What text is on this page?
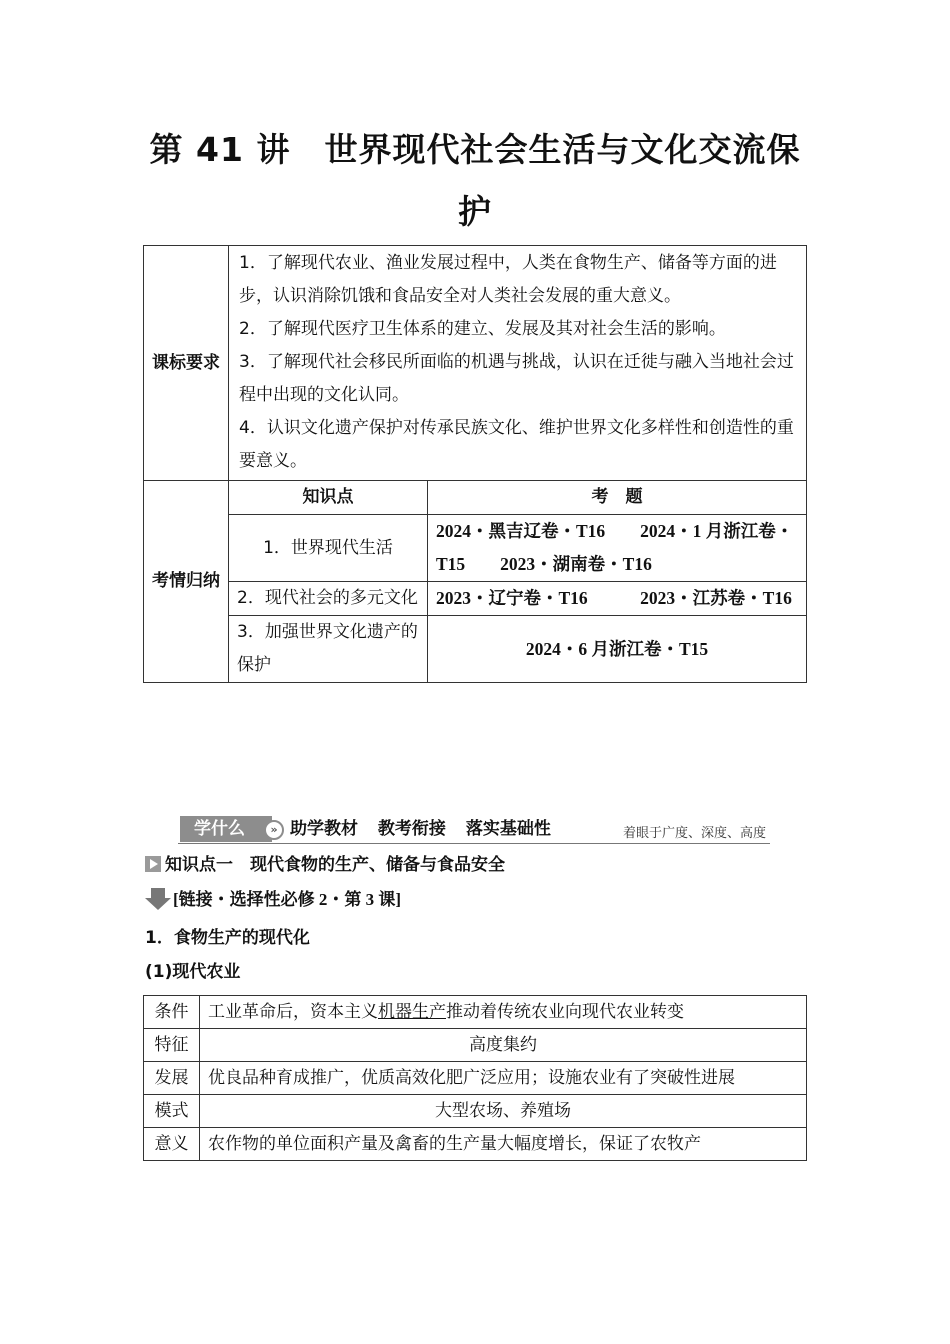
第 41 讲　世界现代社会生活与文化交流保
护
课标要求	1．了解现代农业、渔业发展过程中，人类在食物生产、储备等方面的进步，认识消除饥饿和食品安全对人类社会发展的重大意义。

2．了解现代医疗卫生体系的建立、发展及其对社会生活的影响。

3．了解现代社会移民所面临的机遇与挑战，认识在迁徙与融入当地社会过程中出现的文化认同。

4．认识文化遗产保护对传承民族文化、维护世界文化多样性和创造性的重要意义。	

考情归纳	知识点	考　题
	1．世界现代生活	2024・黑吉辽卷・T16　　2024・1 月浙江卷・T15　　2023・湖南卷・T16
	2．现代社会的多元文化	2023・辽宁卷・T16　　　2023・江苏卷・T16
	3．加强世界文化遗产的保护	2024・6 月浙江卷・T15
学什么	» 助学教材 教考衔接 落实基础性	着眼于广度、深度、高度
知识点一　现代食物的生产、储备与食品安全
[链接・选择性必修 2・第 3 课]
1．食物生产的现代化
(1)现代农业
条件	工业革命后，资本主义机器生产推动着传统农业向现代农业转变
特征	高度集约
发展	优良品种育成推广，优质高效化肥广泛应用；设施农业有了突破性进展
模式	大型农场、养殖场
意义	农作物的单位面积产量及禽畜的生产量大幅度增长，保证了农牧产
